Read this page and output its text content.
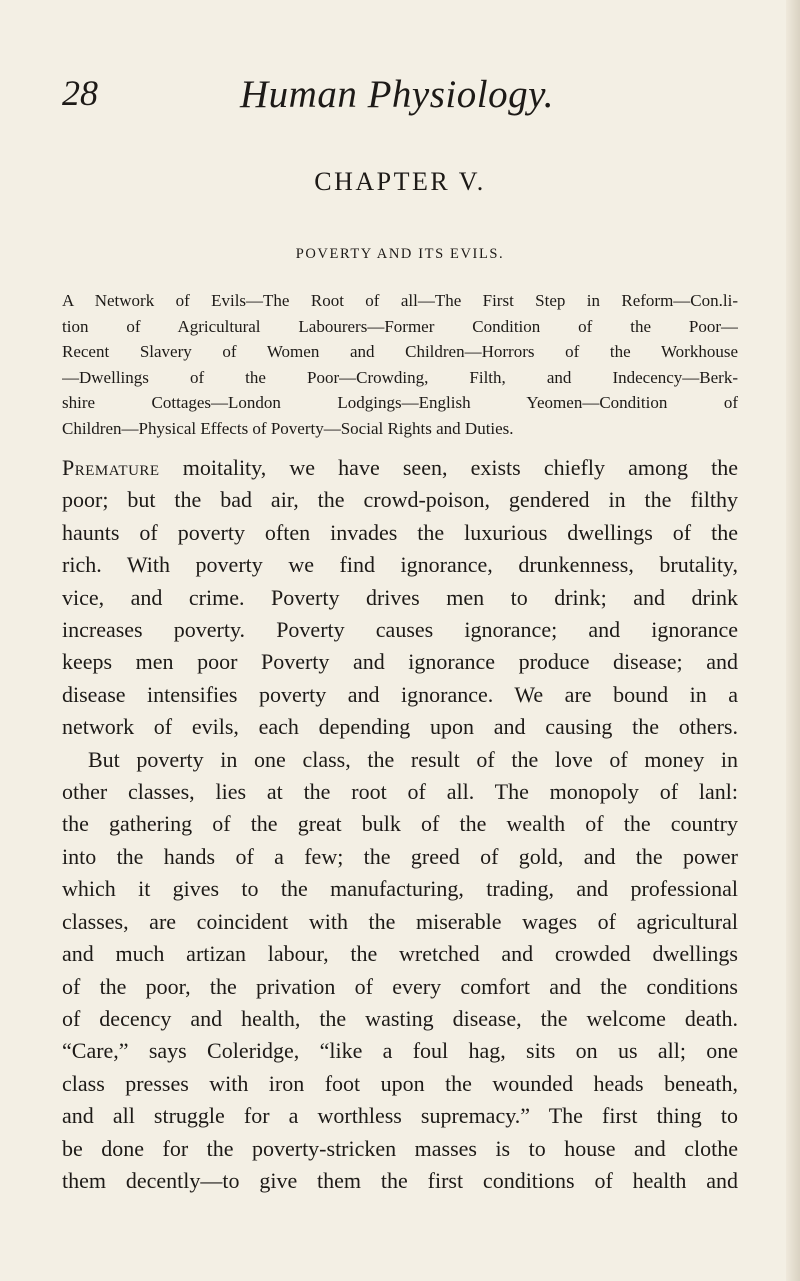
28	Human Physiology.
CHAPTER V.
POVERTY AND ITS EVILS.
A Network of Evils—The Root of all—The First Step in Reform—Con.li-
tion of Agricultural Labourers—Former Condition of the Poor—
Recent Slavery of Women and Children—Horrors of the Workhouse
—Dwellings of the Poor—Crowding, Filth, and Indecency—Berk-
shire Cottages—London Lodgings—English Yeomen—Condition of
Children—Physical Effects of Poverty—Social Rights and Duties.
Premature moitality, we have seen, exists chiefly among the
poor; but the bad air, the crowd-poison, gendered in the filthy
haunts of poverty often invades the luxurious dwellings of the
rich. With poverty we find ignorance, drunkenness, brutality,
vice, and crime. Poverty drives men to drink; and drink
increases poverty. Poverty causes ignorance; and ignorance
keeps men poor Poverty and ignorance produce disease; and
disease intensifies poverty and ignorance. We are bound in a
network of evils, each depending upon and causing the others.
But poverty in one class, the result of the love of money in
other classes, lies at the root of all. The monopoly of lanl:
the gathering of the great bulk of the wealth of the country
into the hands of a few; the greed of gold, and the power
which it gives to the manufacturing, trading, and professional
classes, are coincident with the miserable wages of agricultural
and much artizan labour, the wretched and crowded dwellings
of the poor, the privation of every comfort and the conditions
of decency and health, the wasting disease, the welcome death.
“Care,” says Coleridge, “like a foul hag, sits on us all; one
class presses with iron foot upon the wounded heads beneath,
and all struggle for a worthless supremacy.” The first thing to
be done for the poverty-stricken masses is to house and clothe
them decently—to give them the first conditions of health and
